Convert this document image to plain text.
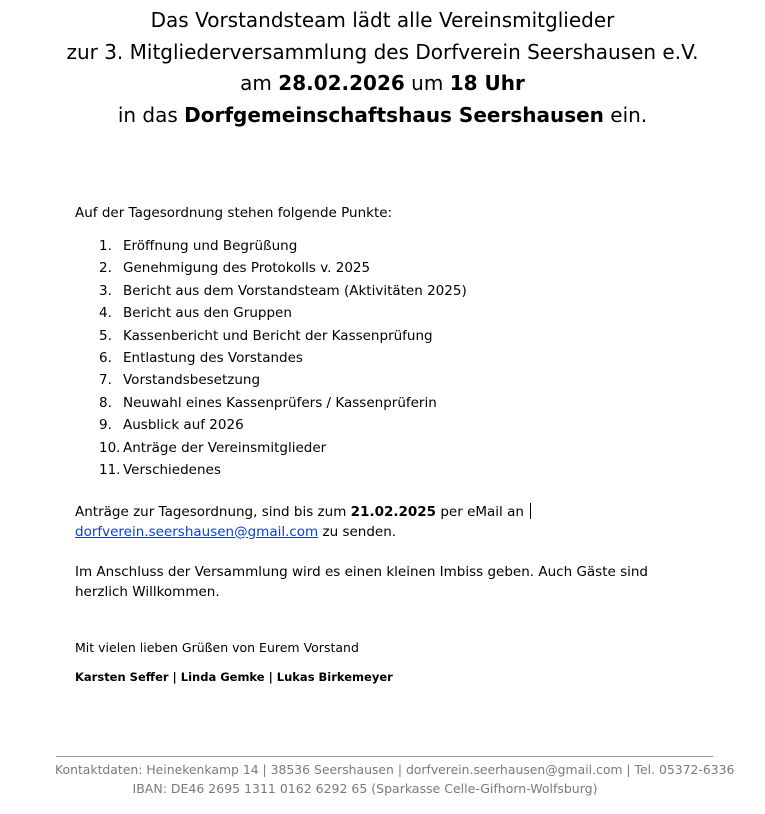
Das Vorstandsteam lädt alle Vereinsmitglieder
zur 3. Mitgliederversammlung des Dorfverein Seershausen e.V.
am 28.02.2026 um 18 Uhr
in das Dorfgemeinschaftshaus Seershausen ein.
Auf der Tagesordnung stehen folgende Punkte:
1. Eröffnung und Begrüßung
2. Genehmigung des Protokolls v. 2025
3. Bericht aus dem Vorstandsteam (Aktivitäten 2025)
4. Bericht aus den Gruppen
5. Kassenbericht und Bericht der Kassenprüfung
6. Entlastung des Vorstandes
7. Vorstandsbesetzung
8. Neuwahl eines Kassenprüfers / Kassenprüferin
9. Ausblick auf 2026
10. Anträge der Vereinsmitglieder
11. Verschiedenes
Anträge zur Tagesordnung, sind bis zum 21.02.2025 per eMail an
dorfverein.seershausen@gmail.com zu senden.
Im Anschluss der Versammlung wird es einen kleinen Imbiss geben. Auch Gäste sind herzlich Willkommen.
Mit vielen lieben Grüßen von Eurem Vorstand
Karsten Seffer | Linda Gemke | Lukas Birkemeyer
Kontaktdaten: Heinekenkamp 14 | 38536 Seershausen | dorfverein.seerhausen@gmail.com | Tel. 05372-6336
IBAN: DE46 2695 1311 0162 6292 65 (Sparkasse Celle-Gifhorn-Wolfsburg)
